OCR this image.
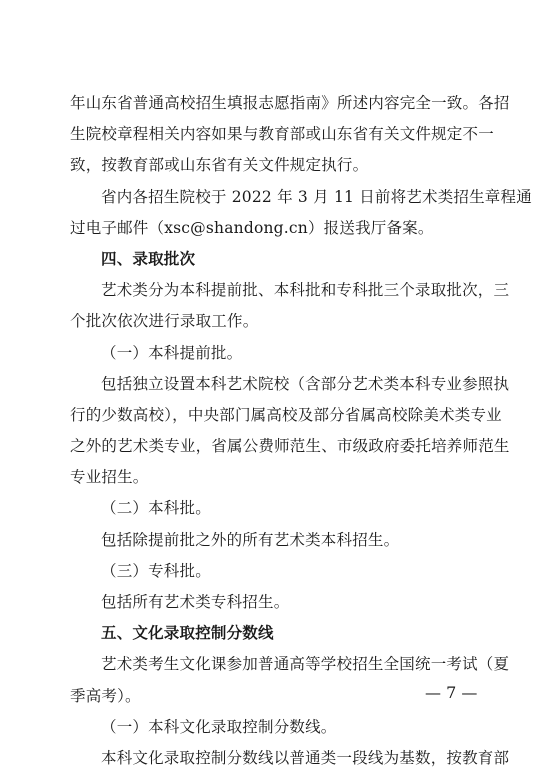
年山东省普通高校招生填报志愿指南》所述内容完全一致。各招
生院校章程相关内容如果与教育部或山东省有关文件规定不一
致，按教育部或山东省有关文件规定执行。
省内各招生院校于 2022 年 3 月 11 日前将艺术类招生章程通
过电子邮件（xsc@shandong.cn）报送我厅备案。
四、录取批次
艺术类分为本科提前批、本科批和专科批三个录取批次，三
个批次依次进行录取工作。
（一）本科提前批。
包括独立设置本科艺术院校（含部分艺术类本科专业参照执
行的少数高校），中央部门属高校及部分省属高校除美术类专业
之外的艺术类专业，省属公费师范生、市级政府委托培养师范生
专业招生。
（二）本科批。
包括除提前批之外的所有艺术类本科招生。
（三）专科批。
包括所有艺术类专科招生。
五、文化录取控制分数线
艺术类考生文化课参加普通高等学校招生全国统一考试（夏
季高考）。
（一）本科文化录取控制分数线。
本科文化录取控制分数线以普通类一段线为基数，按教育部
— 7 —
